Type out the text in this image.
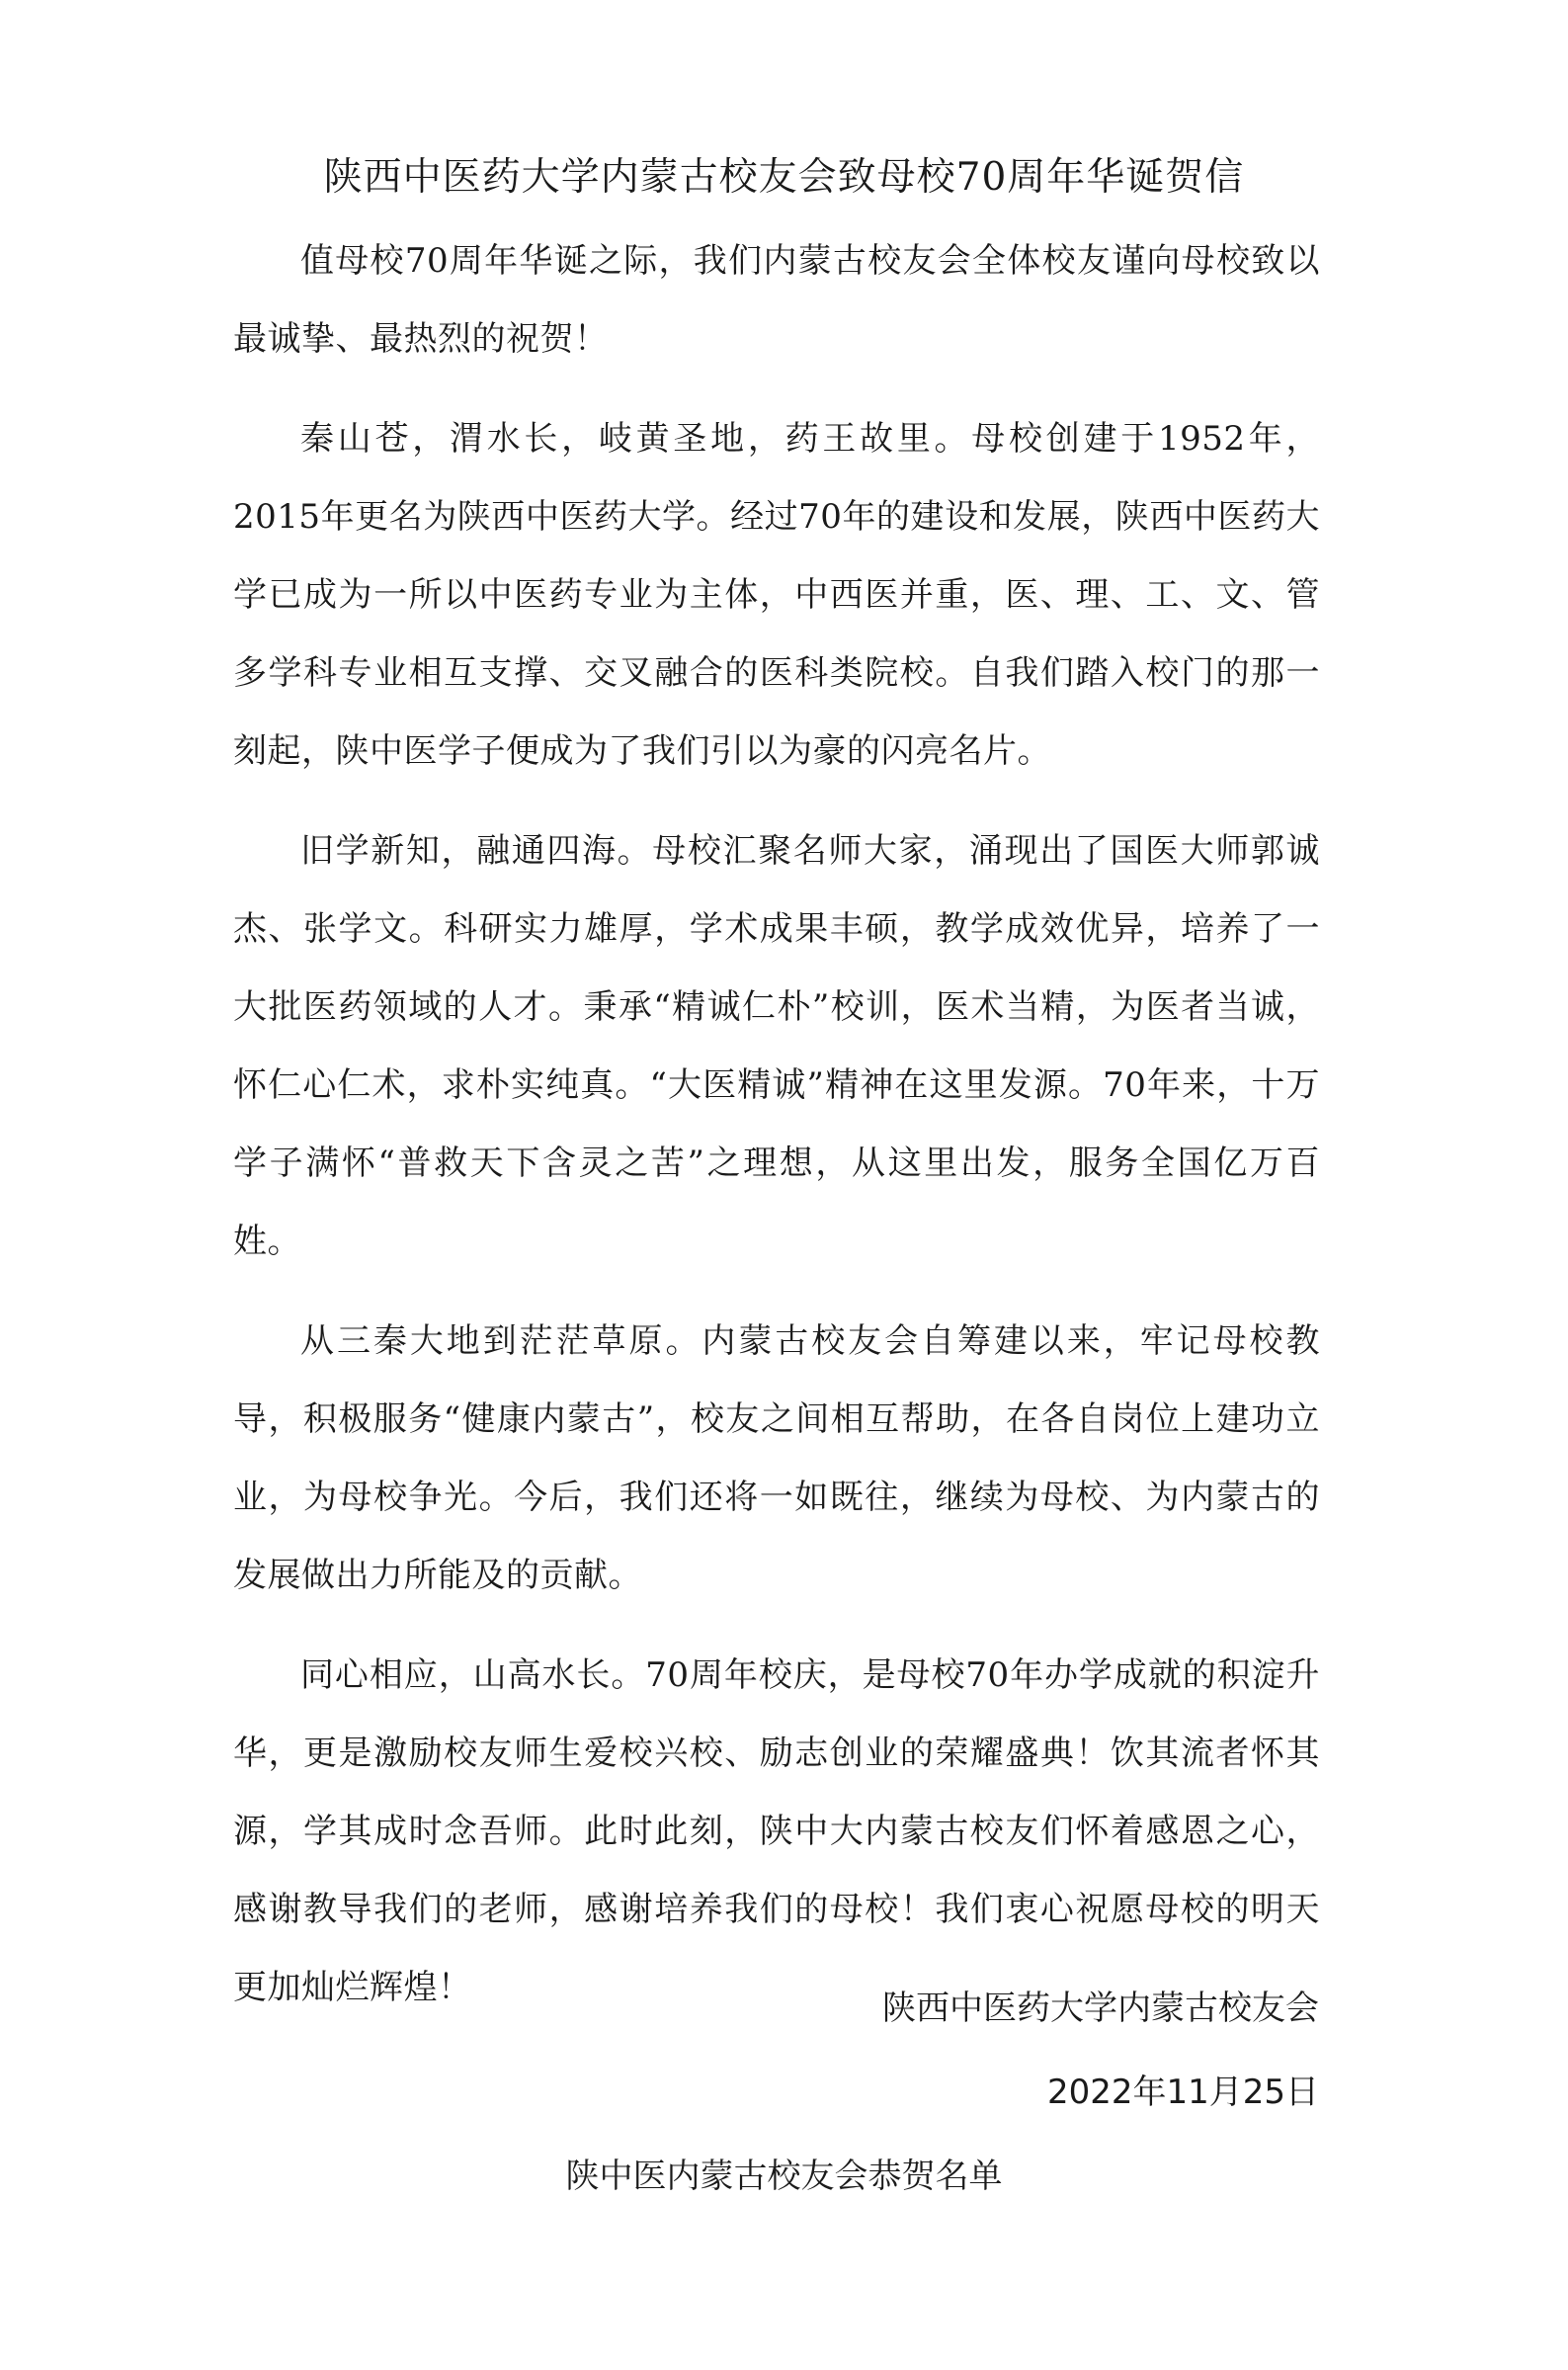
陕西中医药大学内蒙古校友会致母校70周年华诞贺信

值母校70周年华诞之际，我们内蒙古校友会全体校友谨向母校致以最诚挚、最热烈的祝贺！

秦山苍，渭水长，岐黄圣地，药王故里。母校创建于1952年，2015年更名为陕西中医药大学。经过70年的建设和发展，陕西中医药大学已成为一所以中医药专业为主体，中西医并重，医、理、工、文、管多学科专业相互支撑、交叉融合的医科类院校。自我们踏入校门的那一刻起，陕中医学子便成为了我们引以为豪的闪亮名片。

旧学新知，融通四海。母校汇聚名师大家，涌现出了国医大师郭诚杰、张学文。科研实力雄厚，学术成果丰硕，教学成效优异，培养了一大批医药领域的人才。秉承“精诚仁朴”校训，医术当精，为医者当诚，怀仁心仁术，求朴实纯真。“大医精诚”精神在这里发源。70年来，十万学子满怀“普救天下含灵之苦”之理想，从这里出发，服务全国亿万百姓。

从三秦大地到茫茫草原。内蒙古校友会自筹建以来，牢记母校教导，积极服务“健康内蒙古”，校友之间相互帮助，在各自岗位上建功立业，为母校争光。今后，我们还将一如既往，继续为母校、为内蒙古的发展做出力所能及的贡献。

同心相应，山高水长。70周年校庆，是母校70年办学成就的积淀升华，更是激励校友师生爱校兴校、励志创业的荣耀盛典！饮其流者怀其源，学其成时念吾师。此时此刻，陕中大内蒙古校友们怀着感恩之心，感谢教导我们的老师，感谢培养我们的母校！我们衷心祝愿母校的明天更加灿烂辉煌！

陕西中医药大学内蒙古校友会

2022年11月25日

陕中医内蒙古校友会恭贺名单
